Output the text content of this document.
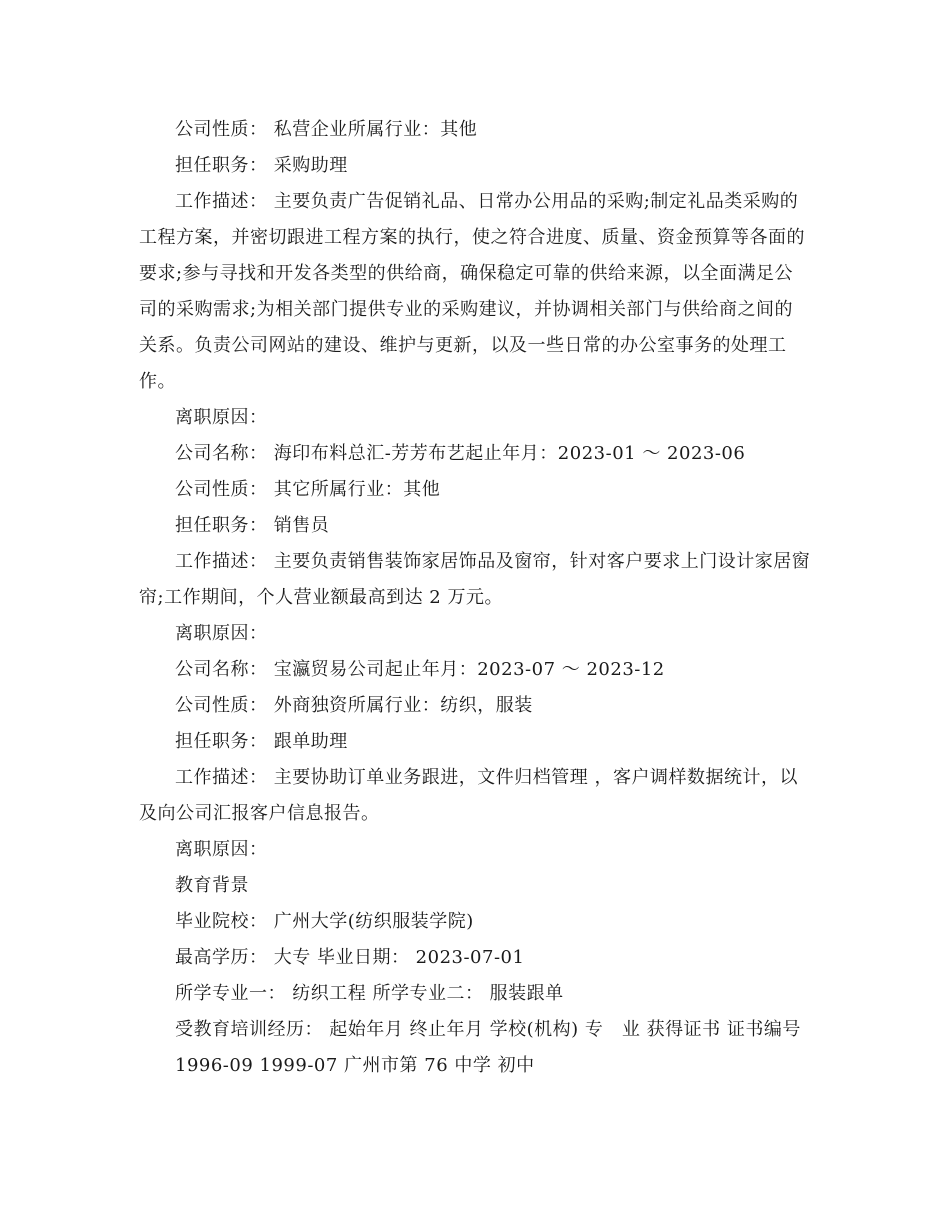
公司性质： 私营企业所属行业：其他

担任职务： 采购助理

工作描述： 主要负责广告促销礼品、日常办公用品的采购;制定礼品类采购的工程方案，并密切跟进工程方案的执行，使之符合进度、质量、资金预算等各面的要求;参与寻找和开发各类型的供给商，确保稳定可靠的供给来源，以全面满足公司的采购需求;为相关部门提供专业的采购建议，并协调相关部门与供给商之间的关系。负责公司网站的建设、维护与更新，以及一些日常的办公室事务的处理工作。

离职原因：

公司名称： 海印布料总汇-芳芳布艺起止年月：2023-01 ～ 2023-06

公司性质： 其它所属行业：其他

担任职务： 销售员

工作描述： 主要负责销售装饰家居饰品及窗帘，针对客户要求上门设计家居窗帘;工作期间，个人营业额最高到达 2 万元。

离职原因：

公司名称： 宝瀛贸易公司起止年月：2023-07 ～ 2023-12

公司性质： 外商独资所属行业：纺织，服装

担任职务： 跟单助理

工作描述： 主要协助订单业务跟进，文件归档管理 ，客户调样数据统计，以及向公司汇报客户信息报告。

离职原因：

教育背景

毕业院校： 广州大学(纺织服装学院)

最高学历： 大专 毕业日期： 2023-07-01

所学专业一： 纺织工程 所学专业二： 服装跟单

受教育培训经历： 起始年月 终止年月 学校(机构) 专　业 获得证书 证书编号

1996-09 1999-07 广州市第 76 中学 初中
